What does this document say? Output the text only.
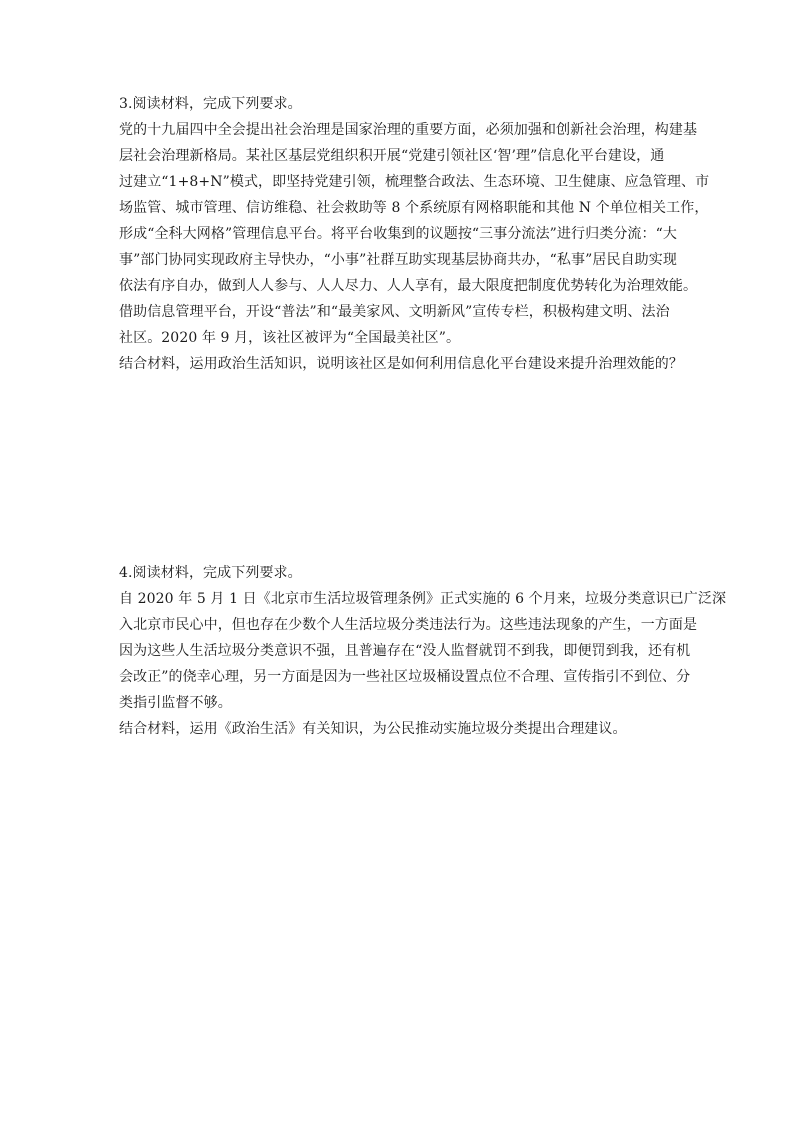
3.阅读材料，完成下列要求。
党的十九届四中全会提出社会治理是国家治理的重要方面，必须加强和创新社会治理，构建基
层社会治理新格局。某社区基层党组织积开展“党建引领社区‘智’理”信息化平台建设，通
过建立“1+8+N”模式，即坚持党建引领，梳理整合政法、生态环境、卫生健康、应急管理、市
场监管、城市管理、信访维稳、社会救助等 8 个系统原有网格职能和其他 N 个单位相关工作，
形成“全科大网格”管理信息平台。将平台收集到的议题按“三事分流法”进行归类分流：“大
事”部门协同实现政府主导快办，“小事”社群互助实现基层协商共办，“私事”居民自助实现
依法有序自办，做到人人参与、人人尽力、人人享有，最大限度把制度优势转化为治理效能。
借助信息管理平台，开设“普法”和“最美家风、文明新风”宣传专栏，积极构建文明、法治
社区。2020 年 9 月，该社区被评为“全国最美社区”。
结合材料，运用政治生活知识，说明该社区是如何利用信息化平台建设来提升治理效能的？
4.阅读材料，完成下列要求。
自 2020 年 5 月 1 日《北京市生活垃圾管理条例》正式实施的 6 个月来，垃圾分类意识已广泛深
入北京市民心中，但也存在少数个人生活垃圾分类违法行为。这些违法现象的产生，一方面是
因为这些人生活垃圾分类意识不强，且普遍存在“没人监督就罚不到我，即便罚到我，还有机
会改正”的侥幸心理，另一方面是因为一些社区垃圾桶设置点位不合理、宣传指引不到位、分
类指引监督不够。
结合材料，运用《政治生活》有关知识，为公民推动实施垃圾分类提出合理建议。
